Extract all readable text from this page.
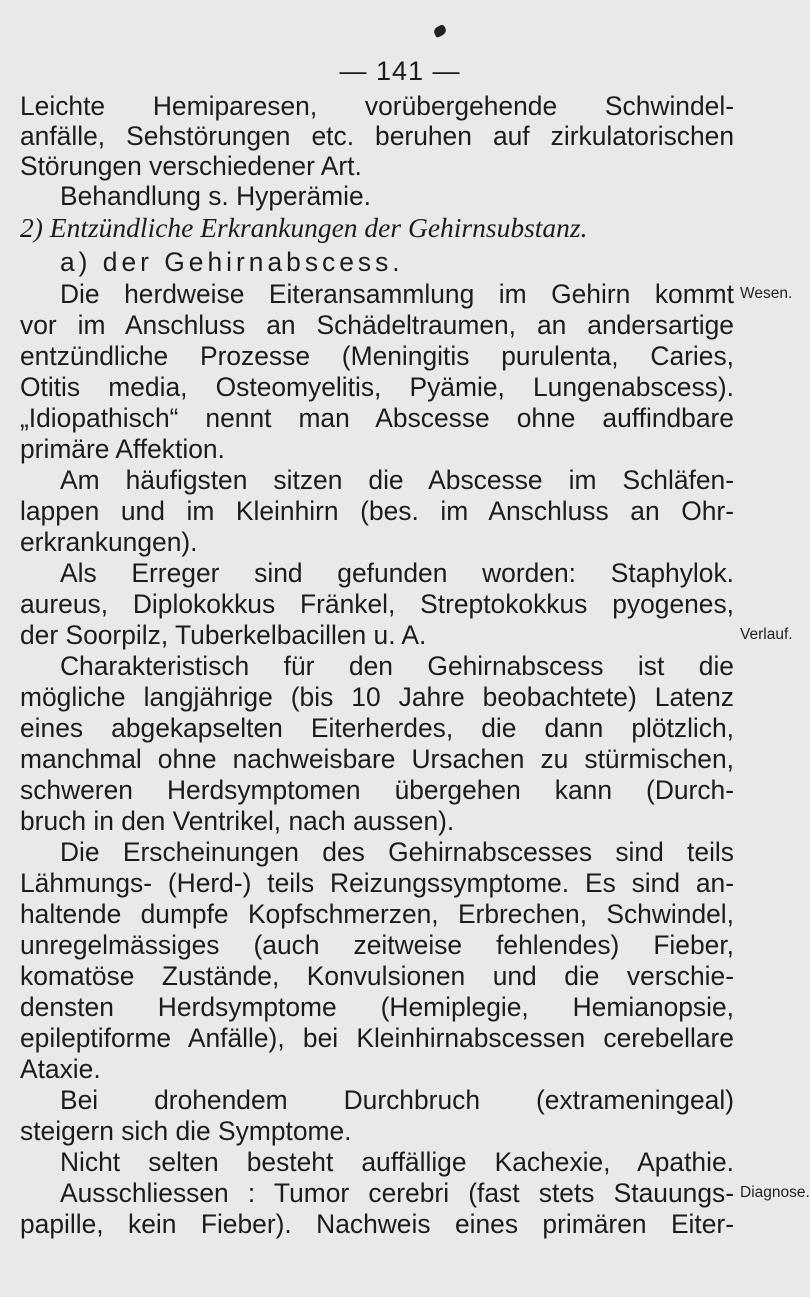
— 141 —
Leichte Hemiparesen, vorübergehende Schwindel-
anfälle, Sehstörungen etc. beruhen auf zirkulatorischen
Störungen verschiedener Art.
Behandlung s. Hyperämie.
2) Entzündliche Erkrankungen der Gehirnsubstanz.
a) der Gehirnabscess.
Die herdweise Eiteransammlung im Gehirn kommt
vor im Anschluss an Schädeltraumen, an andersartige
entzündliche Prozesse (Meningitis purulenta, Caries,
Otitis media, Osteomyelitis, Pyämie, Lungenabscess).
„Idiopathisch“ nennt man Abscesse ohne auffindbare
primäre Affektion.
Am häufigsten sitzen die Abscesse im Schläfen-
lappen und im Kleinhirn (bes. im Anschluss an Ohr-
erkrankungen).
Als Erreger sind gefunden worden: Staphylok.
aureus, Diplokokkus Fränkel, Streptokokkus pyogenes,
der Soorpilz, Tuberkelbacillen u. A.
Charakteristisch für den Gehirnabscess ist die
mögliche langjährige (bis 10 Jahre beobachtete) Latenz
eines abgekapselten Eiterherdes, die dann plötzlich,
manchmal ohne nachweisbare Ursachen zu stürmischen,
schweren Herdsymptomen übergehen kann (Durch-
bruch in den Ventrikel, nach aussen).
Die Erscheinungen des Gehirnabscesses sind teils
Lähmungs- (Herd-) teils Reizungssymptome. Es sind an-
haltende dumpfe Kopfschmerzen, Erbrechen, Schwindel,
unregelmässiges (auch zeitweise fehlendes) Fieber,
komatöse Zustände, Konvulsionen und die verschie-
densten Herdsymptome (Hemiplegie, Hemianopsie,
epileptiforme Anfälle), bei Kleinhirnabscessen cerebellare
Ataxie.
Bei drohendem Durchbruch (extrameningeal)
steigern sich die Symptome.
Nicht selten besteht auffällige Kachexie, Apathie.
Ausschliessen : Tumor cerebri (fast stets Stauungs-
papille, kein Fieber). Nachweis eines primären Eiter-
Wesen.
Verlauf.
Diagnose.
